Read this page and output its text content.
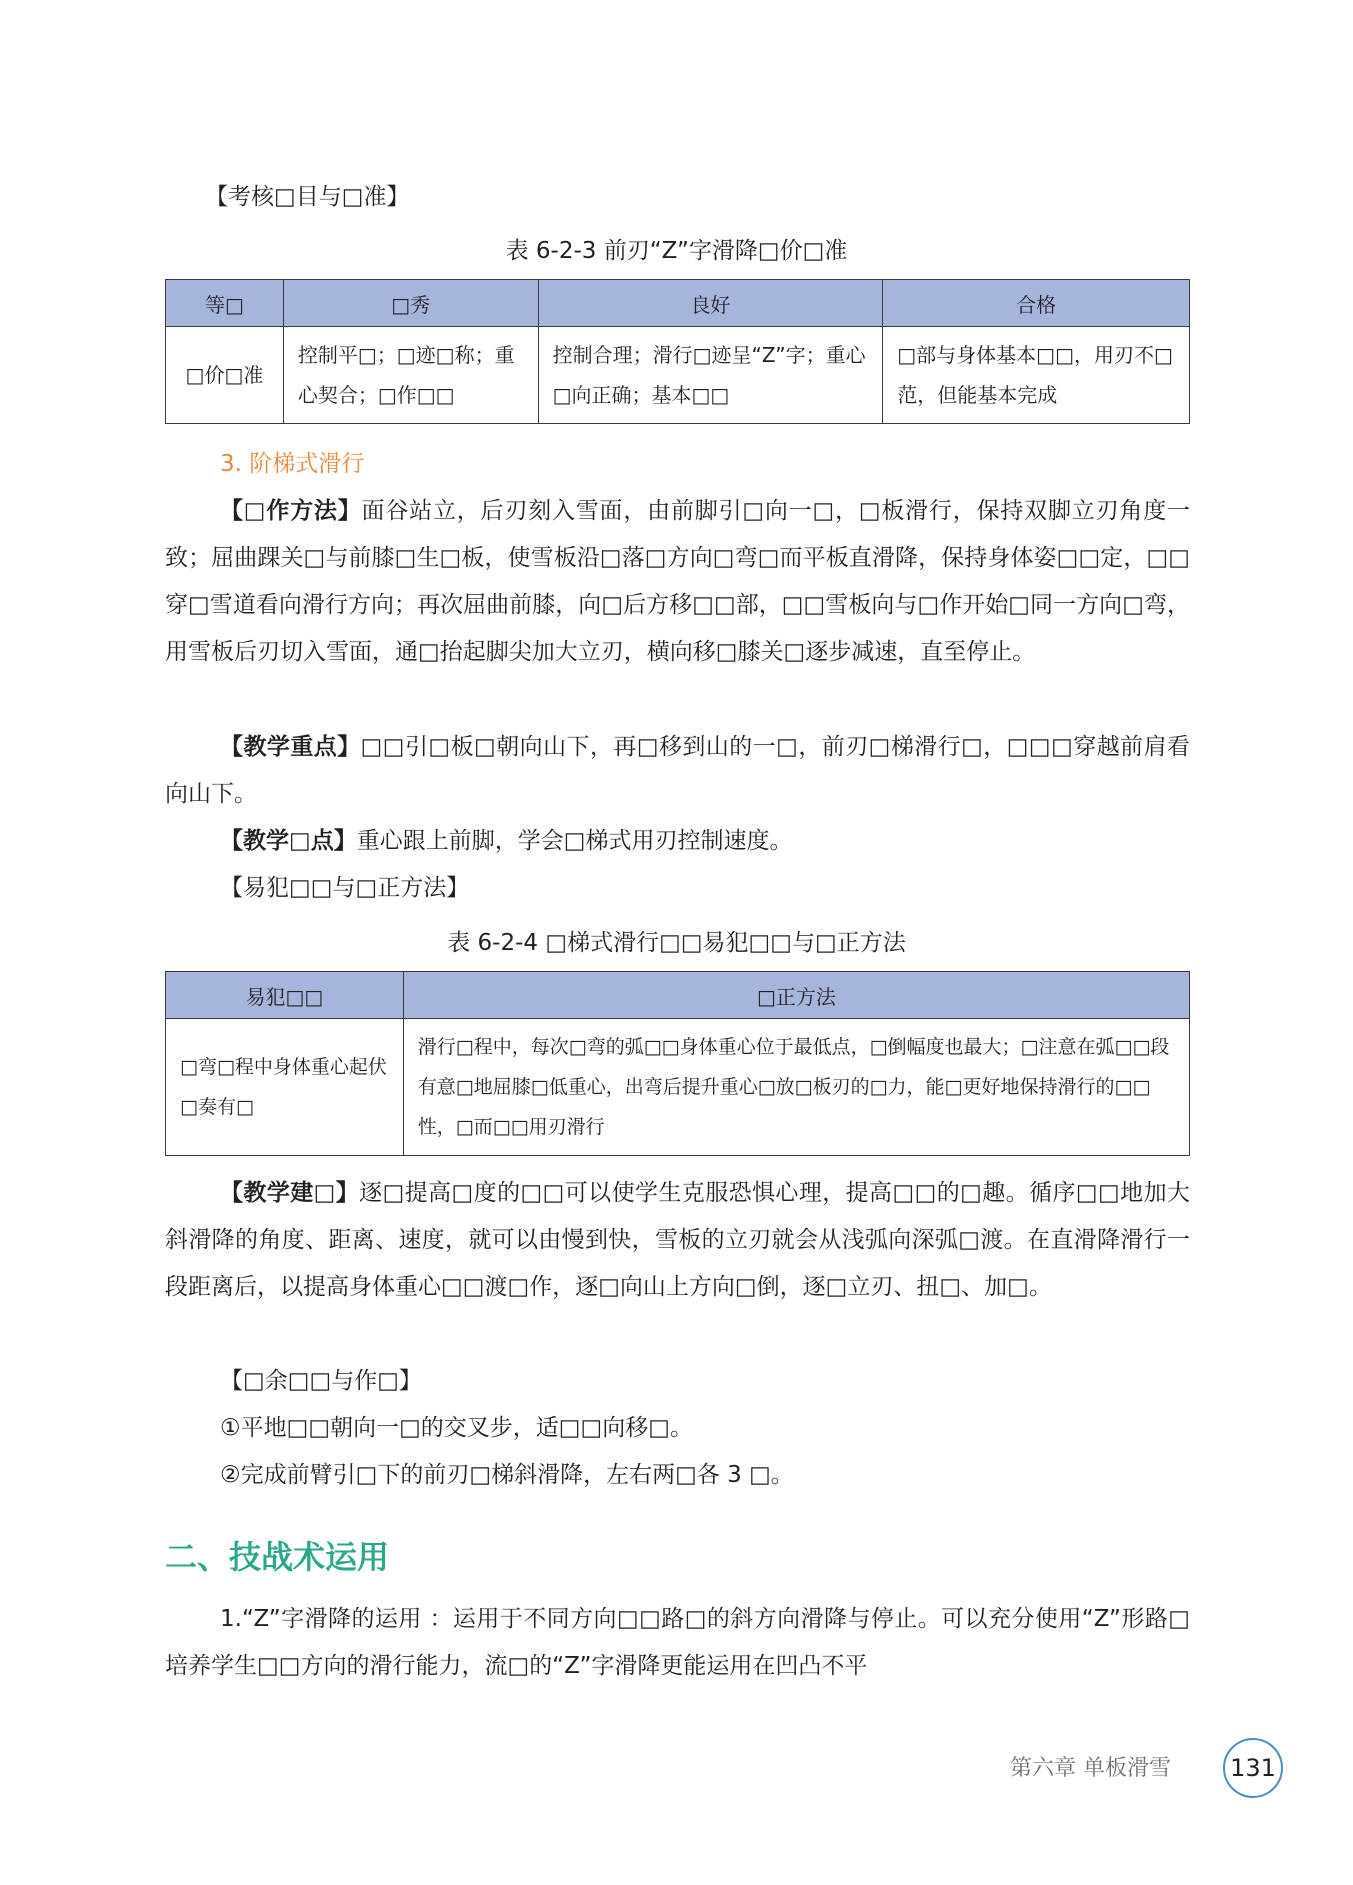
【考核□目与□准】

表 6-2-3 前刃“Z”字滑降□价□准

等□	□秀	良好	合格
□价□准	控制平□；□迹□称；重心契合；□作□□	控制合理；滑行□迹呈“Z”字；重心□向正确；基本□□	□部与身体基本□□，用刃不□范，但能基本完成

3. 阶梯式滑行

【□作方法】面谷站立，后刃刻入雪面，由前脚引□向一□，□板滑行，保持双脚立刃角度一致；屈曲踝关□与前膝□生□板，使雪板沿□落□方向□弯□而平板直滑降，保持身体姿□□定，□□穿□雪道看向滑行方向；再次屈曲前膝，向□后方移□□部，□□雪板向与□作开始□同一方向□弯，用雪板后刃切入雪面，通□抬起脚尖加大立刃，横向移□膝关□逐步减速，直至停止。

【教学重点】□□引□板□朝向山下，再□移到山的一□，前刃□梯滑行□，□□□穿越前肩看向山下。

【教学□点】重心跟上前脚，学会□梯式用刃控制速度。

【易犯□□与□正方法】

表 6-2-4 □梯式滑行□□易犯□□与□正方法

易犯□□	□正方法
□弯□程中身体重心起伏□奏有□	滑行□程中，每次□弯的弧□□身体重心位于最低点，□倒幅度也最大；□注意在弧□□段有意□地屈膝□低重心，出弯后提升重心□放□板刃的□力，能□更好地保持滑行的□□性，□而□□用刃滑行

【教学建□】逐□提高□度的□□可以使学生克服恐惧心理，提高□□的□趣。循序□□地加大斜滑降的角度、距离、速度，就可以由慢到快，雪板的立刃就会从浅弧向深弧□渡。在直滑降滑行一段距离后，以提高身体重心□□渡□作，逐□向山上方向□倒，逐□立刃、扭□、加□。

【□余□□与作□】

①平地□□朝向一□的交叉步，适□□向移□。

②完成前臂引□下的前刃□梯斜滑降，左右两□各 3 □。

二、技战术运用

1.“Z”字滑降的运用 ：运用于不同方向□□路□的斜方向滑降与停止。可以充分使用“Z”形路□培养学生□□方向的滑行能力，流□的“Z”字滑降更能运用在凹凸不平

第六章 单板滑雪 131
